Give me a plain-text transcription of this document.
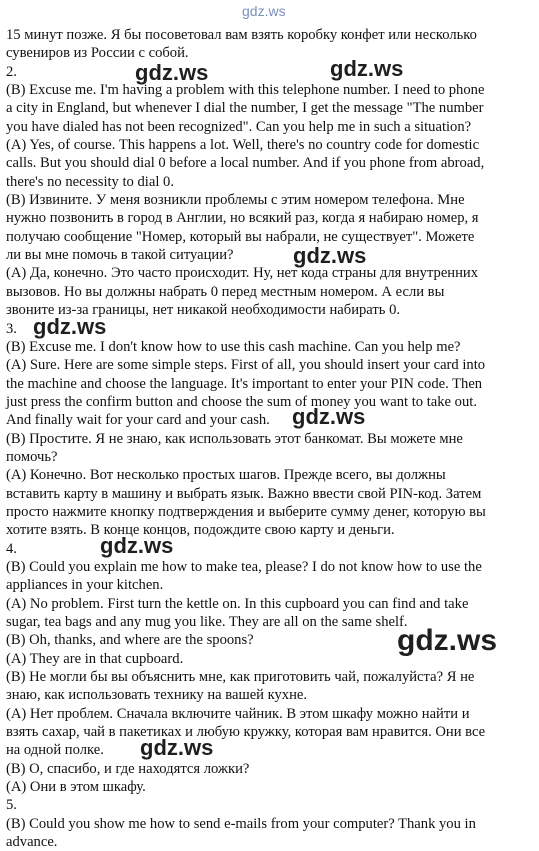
gdz.ws
15 минут позже. Я бы посоветовал вам взять коробку конфет или несколько
сувениров из России с собой.
2.
(B) Excuse me. I'm having a problem with this telephone number. I need to phone
a city in England, but whenever I dial the number, I get the message "The number
you have dialed has not been recognized". Can you help me in such a situation?
(A) Yes, of course. This happens a lot. Well, there's no country code for domestic
calls. But you should dial 0 before a local number. And if you phone from abroad,
there's no necessity to dial 0.
(B) Извините. У меня возникли проблемы с этим номером телефона. Мне
нужно позвонить в город в Англии, но всякий раз, когда я набираю номер, я
получаю сообщение "Номер, который вы набрали, не существует". Можете
ли вы мне помочь в такой ситуации?
(A) Да, конечно. Это часто происходит. Ну, нет кода страны для внутренних
вызовов. Но вы должны набрать 0 перед местным номером. А если вы
звоните из-за границы, нет никакой необходимости набирать 0.
3.
(B) Excuse me. I don't know how to use this cash machine. Can you help me?
(A) Sure. Here are some simple steps. First of all, you should insert your card into
the machine and choose the language. It's important to enter your PIN code. Then
just press the confirm button and choose the sum of money you want to take out.
And finally wait for your card and your cash.
(B) Простите. Я не знаю, как использовать этот банкомат. Вы можете мне
помочь?
(A) Конечно. Вот несколько простых шагов. Прежде всего, вы должны
вставить карту в машину и выбрать язык. Важно ввести свой PIN-код. Затем
просто нажмите кнопку подтверждения и выберите сумму денег, которую вы
хотите взять. В конце концов, подождите свою карту и деньги.
4.
(B) Could you explain me how to make tea, please? I do not know how to use the
appliances in your kitchen.
(A) No problem. First turn the kettle on. In this cupboard you can find and take
sugar, tea bags and any mug you like. They are all on the same shelf.
(B) Oh, thanks, and where are the spoons?
(A) They are in that cupboard.
(B) Не могли бы вы объяснить мне, как приготовить чай, пожалуйста? Я не
знаю, как использовать технику на вашей кухне.
(A) Нет проблем. Сначала включите чайник. В этом шкафу можно найти и
взять сахар, чай в пакетиках и любую кружку, которая вам нравится. Они все
на одной полке.
(B) О, спасибо, и где находятся ложки?
(A) Они в этом шкафу.
5.
(B) Could you show me how to send e-mails from your computer? Thank you in
advance.
gdz.ws	gdz.ws
gdz.ws
gdz.ws
gdz.ws
gdz.ws
gdz.ws
gdz.ws
